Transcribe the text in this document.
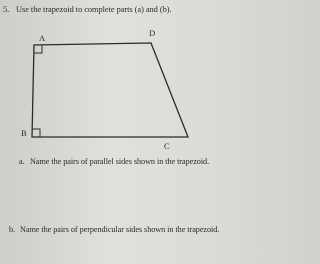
5. Use the trapezoid to complete parts (a) and (b).
A	D
B
C
a. Name the pairs of parallel sides shown in the trapezoid.
b. Name the pairs of perpendicular sides shown in the trapezoid.
